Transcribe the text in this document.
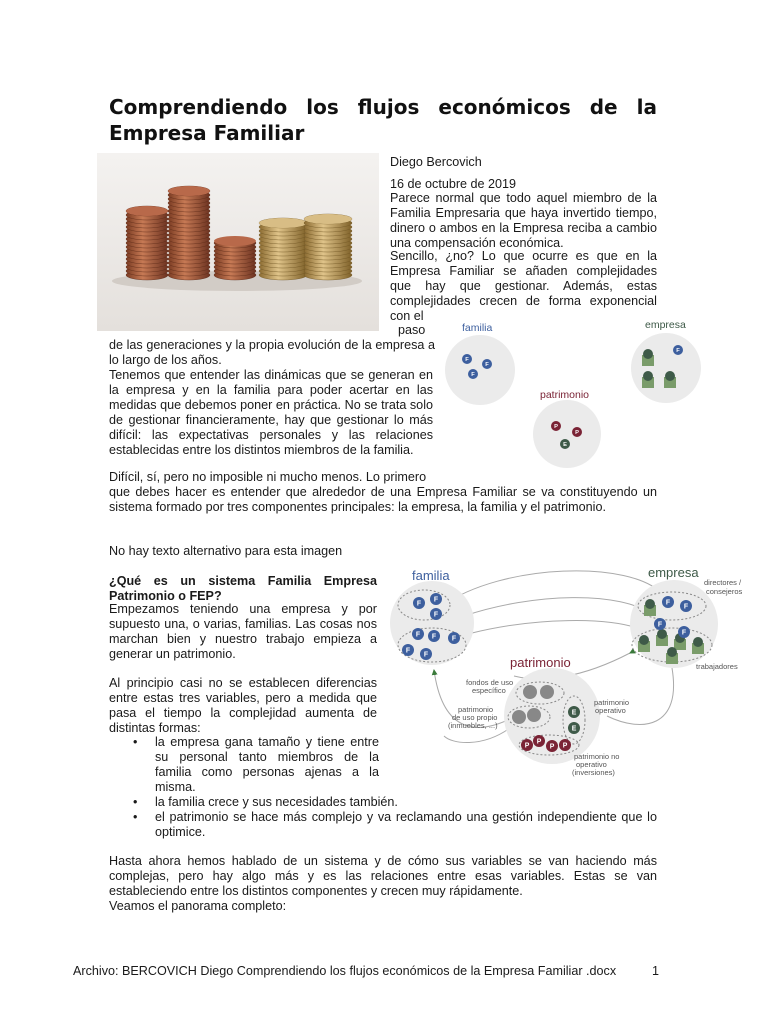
Comprendiendo los flujos económicos de la Empresa Familiar
Diego Bercovich
16 de octubre de 2019

Parece normal que todo aquel miembro de la Familia Empresaria que haya invertido tiempo, dinero o ambos en la Empresa reciba a cambio una compensación económica.

Sencillo, ¿no? Lo que ocurre es que en la Empresa Familiar se añaden complejidades que hay que gestionar. Además, estas complejidades crecen de forma exponencial con el

paso	familia	empresa
patrimonio
F
F
F
F
P
P
E

de las generaciones y la propia evolución de la empresa a lo largo de los años.

Tenemos que entender las dinámicas que se generan en la empresa y en la familia para poder acertar en las medidas que debemos poner en práctica. No se trata solo de gestionar financieramente, hay que gestionar lo más difícil: las expectativas personales y las relaciones establecidas entre los distintos miembros de la familia.

Difícil, sí, pero no imposible ni mucho menos. Lo primero

que debes hacer es entender que alrededor de una Empresa Familiar se va constituyendo un sistema formado por tres componentes principales: la empresa, la familia y el patrimonio.

No hay texto alternativo para esta imagen

¿Qué es un sistema Familia Empresa Patrimonio o FEP?

Empezamos teniendo una empresa y por supuesto una, o varias, familias. Las cosas nos marchan bien y nuestro trabajo empieza a generar un patrimonio.

Al principio casi no se establecen diferencias entre estas tres variables, pero a medida que pasa el tiempo la complejidad aumenta de distintas formas:

• la empresa gana tamaño y tiene entre su personal tanto miembros de la familia como personas ajenas a la misma.
• la familia crece y sus necesidades también.
• el patrimonio se hace más complejo y va reclamando una gestión independiente que lo optimice.
familia	empresa
patrimonio
directores /
consejeros
trabajadores
fondos de uso
específico
patrimonio
de uso propio
(inmuebles, ...)
patrimonio
operativo
patrimonio no
operativo
(inversiones)
F
F
F
F F F
F
F
F
F
F
F
E
E
P
P
P P

Hasta ahora hemos hablado de un sistema y de cómo sus variables se van haciendo más complejas, pero hay algo más y es las relaciones entre esas variables. Estas se van estableciendo entre los distintos componentes y crecen muy rápidamente.

Veamos el panorama completo:
Archivo: BERCOVICH Diego Comprendiendo los flujos económicos de la Empresa Familiar .docx	1
